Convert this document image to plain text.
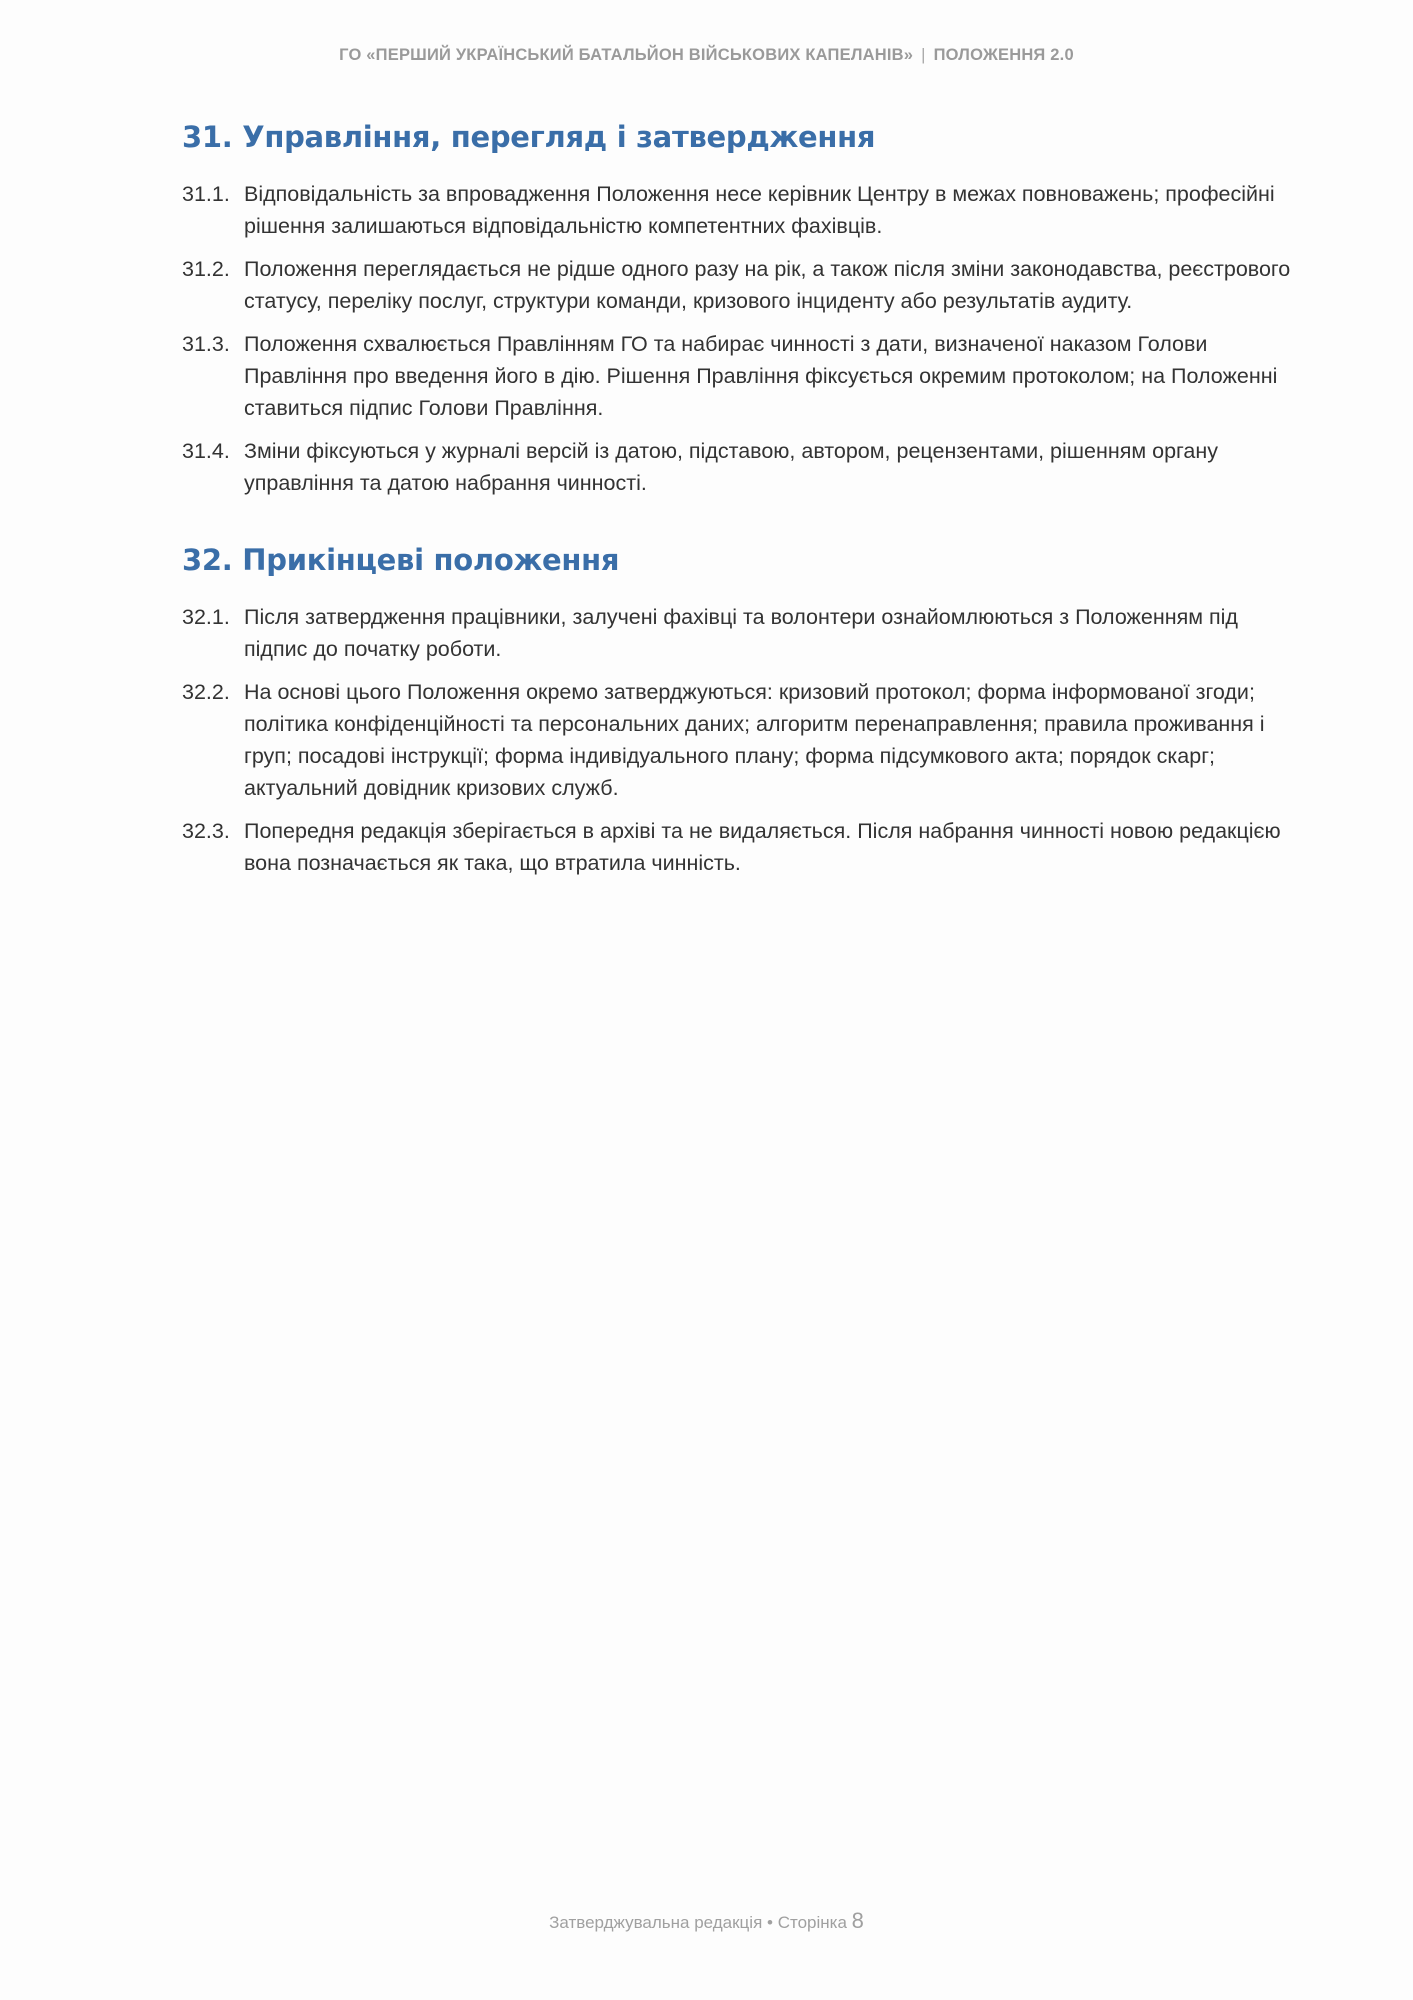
ГО «ПЕРШИЙ УКРАЇНСЬКИЙ БАТАЛЬЙОН ВІЙСЬКОВИХ КАПЕЛАНІВ» | ПОЛОЖЕННЯ 2.0
31. Управління, перегляд і затвердження
31.1. Відповідальність за впровадження Положення несе керівник Центру в межах повноважень; професійні рішення залишаються відповідальністю компетентних фахівців.
31.2. Положення переглядається не рідше одного разу на рік, а також після зміни законодавства, реєстрового статусу, переліку послуг, структури команди, кризового інциденту або результатів аудиту.
31.3. Положення схвалюється Правлінням ГО та набирає чинності з дати, визначеної наказом Голови Правління про введення його в дію. Рішення Правління фіксується окремим протоколом; на Положенні ставиться підпис Голови Правління.
31.4. Зміни фіксуються у журналі версій із датою, підставою, автором, рецензентами, рішенням органу управління та датою набрання чинності.
32. Прикінцеві положення
32.1. Після затвердження працівники, залучені фахівці та волонтери ознайомлюються з Положенням під підпис до початку роботи.
32.2. На основі цього Положення окремо затверджуються: кризовий протокол; форма інформованої згоди; політика конфіденційності та персональних даних; алгоритм перенаправлення; правила проживання і груп; посадові інструкції; форма індивідуального плану; форма підсумкового акта; порядок скарг; актуальний довідник кризових служб.
32.3. Попередня редакція зберігається в архіві та не видаляється. Після набрання чинності новою редакцією вона позначається як така, що втратила чинність.
Затверджувальна редакція • Сторінка 8
